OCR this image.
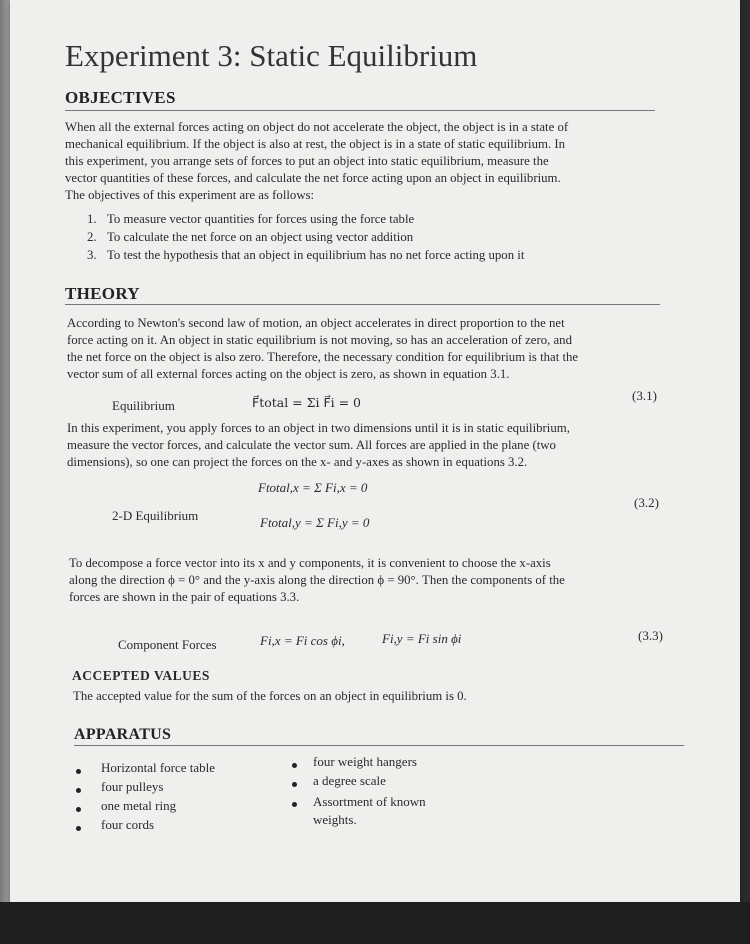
Experiment 3: Static Equilibrium
OBJECTIVES
When all the external forces acting on object do not accelerate the object, the object is in a state of
mechanical equilibrium. If the object is also at rest, the object is in a state of static equilibrium. In
this experiment, you arrange sets of forces to put an object into static equilibrium, measure the
vector quantities of these forces, and calculate the net force acting upon an object in equilibrium.
The objectives of this experiment are as follows:
1. To measure vector quantities for forces using the force table
2. To calculate the net force on an object using vector addition
3. To test the hypothesis that an object in equilibrium has no net force acting upon it
THEORY
According to Newton's second law of motion, an object accelerates in direct proportion to the net
force acting on it. An object in static equilibrium is not moving, so has an acceleration of zero, and
the net force on the object is also zero. Therefore, the necessary condition for equilibrium is that the
vector sum of all external forces acting on the object is zero, as shown in equation 3.1.
Equilibrium	F⃗total = Σi F⃗i = 0	(3.1)
In this experiment, you apply forces to an object in two dimensions until it is in static equilibrium,
measure the vector forces, and calculate the vector sum. All forces are applied in the plane (two
dimensions), so one can project the forces on the x- and y-axes as shown in equations 3.2.
2-D Equilibrium
Ftotal,x = Σ Fi,x = 0
Ftotal,y = Σ Fi,y = 0
(3.2)
To decompose a force vector into its x and y components, it is convenient to choose the x-axis
along the direction ϕ = 0° and the y-axis along the direction ϕ = 90°. Then the components of the
forces are shown in the pair of equations 3.3.
Component Forces	Fi,x = Fi cos ϕi,	Fi,y = Fi sin ϕi	(3.3)
ACCEPTED VALUES
The accepted value for the sum of the forces on an object in equilibrium is 0.
APPARATUS
Horizontal force table
four pulleys
one metal ring
four cords
four weight hangers
a degree scale
Assortment of known
weights.
